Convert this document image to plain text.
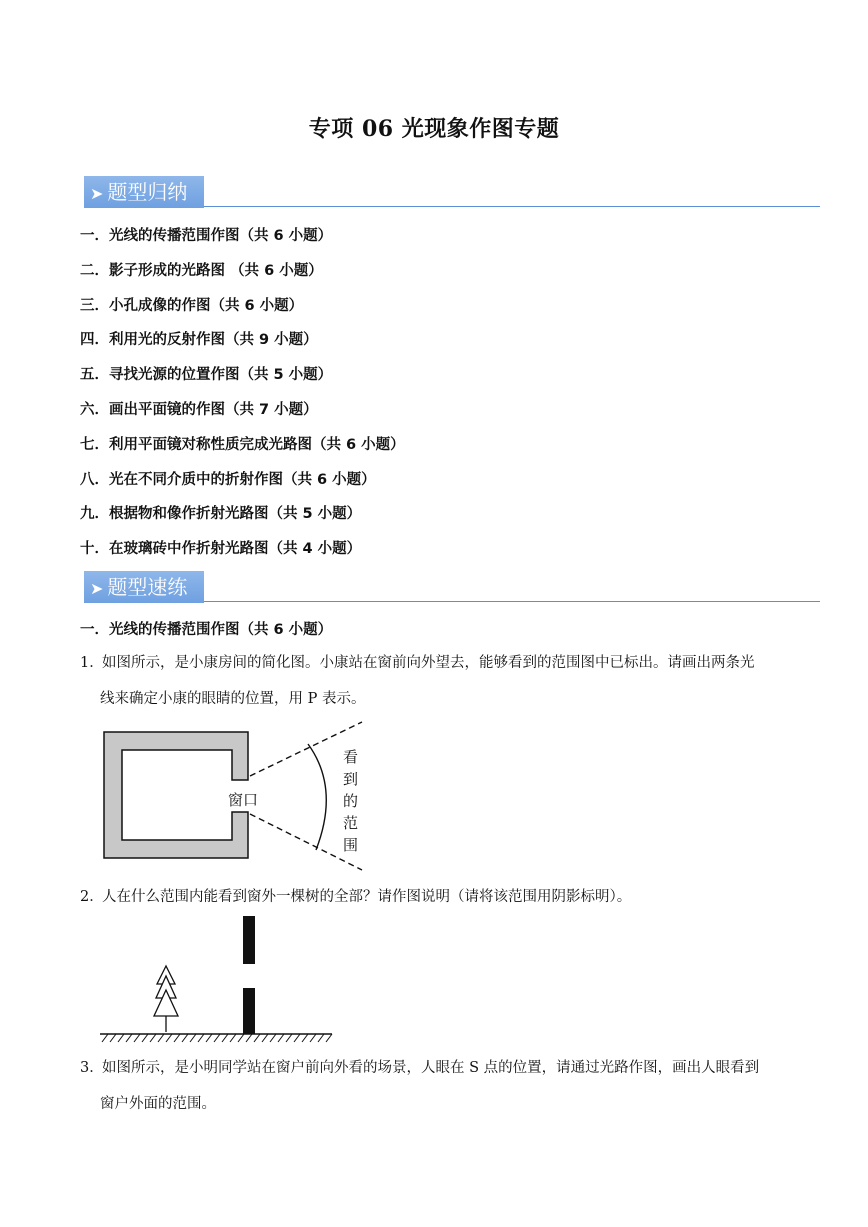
专项 06 光现象作图专题
➤ 题型归纳
一．光线的传播范围作图（共 6 小题）
二．影子形成的光路图 （共 6 小题）
三．小孔成像的作图（共 6 小题）
四．利用光的反射作图（共 9 小题）
五．寻找光源的位置作图（共 5 小题）
六．画出平面镜的作图（共 7 小题）
七．利用平面镜对称性质完成光路图（共 6 小题）
八．光在不同介质中的折射作图（共 6 小题）
九．根据物和像作折射光路图（共 5 小题）
十．在玻璃砖中作折射光路图（共 4 小题）
➤ 题型速练
一．光线的传播范围作图（共 6 小题）
1．如图所示，是小康房间的简化图。小康站在窗前向外望去，能够看到的范围图中已标出。请画出两条光
线来确定小康的眼睛的位置，用 P 表示。
窗口
看
到
的
范
围
2．人在什么范围内能看到窗外一棵树的全部？请作图说明（请将该范围用阴影标明）。
3．如图所示，是小明同学站在窗户前向外看的场景，人眼在 S 点的位置，请通过光路作图，画出人眼看到
窗户外面的范围。
